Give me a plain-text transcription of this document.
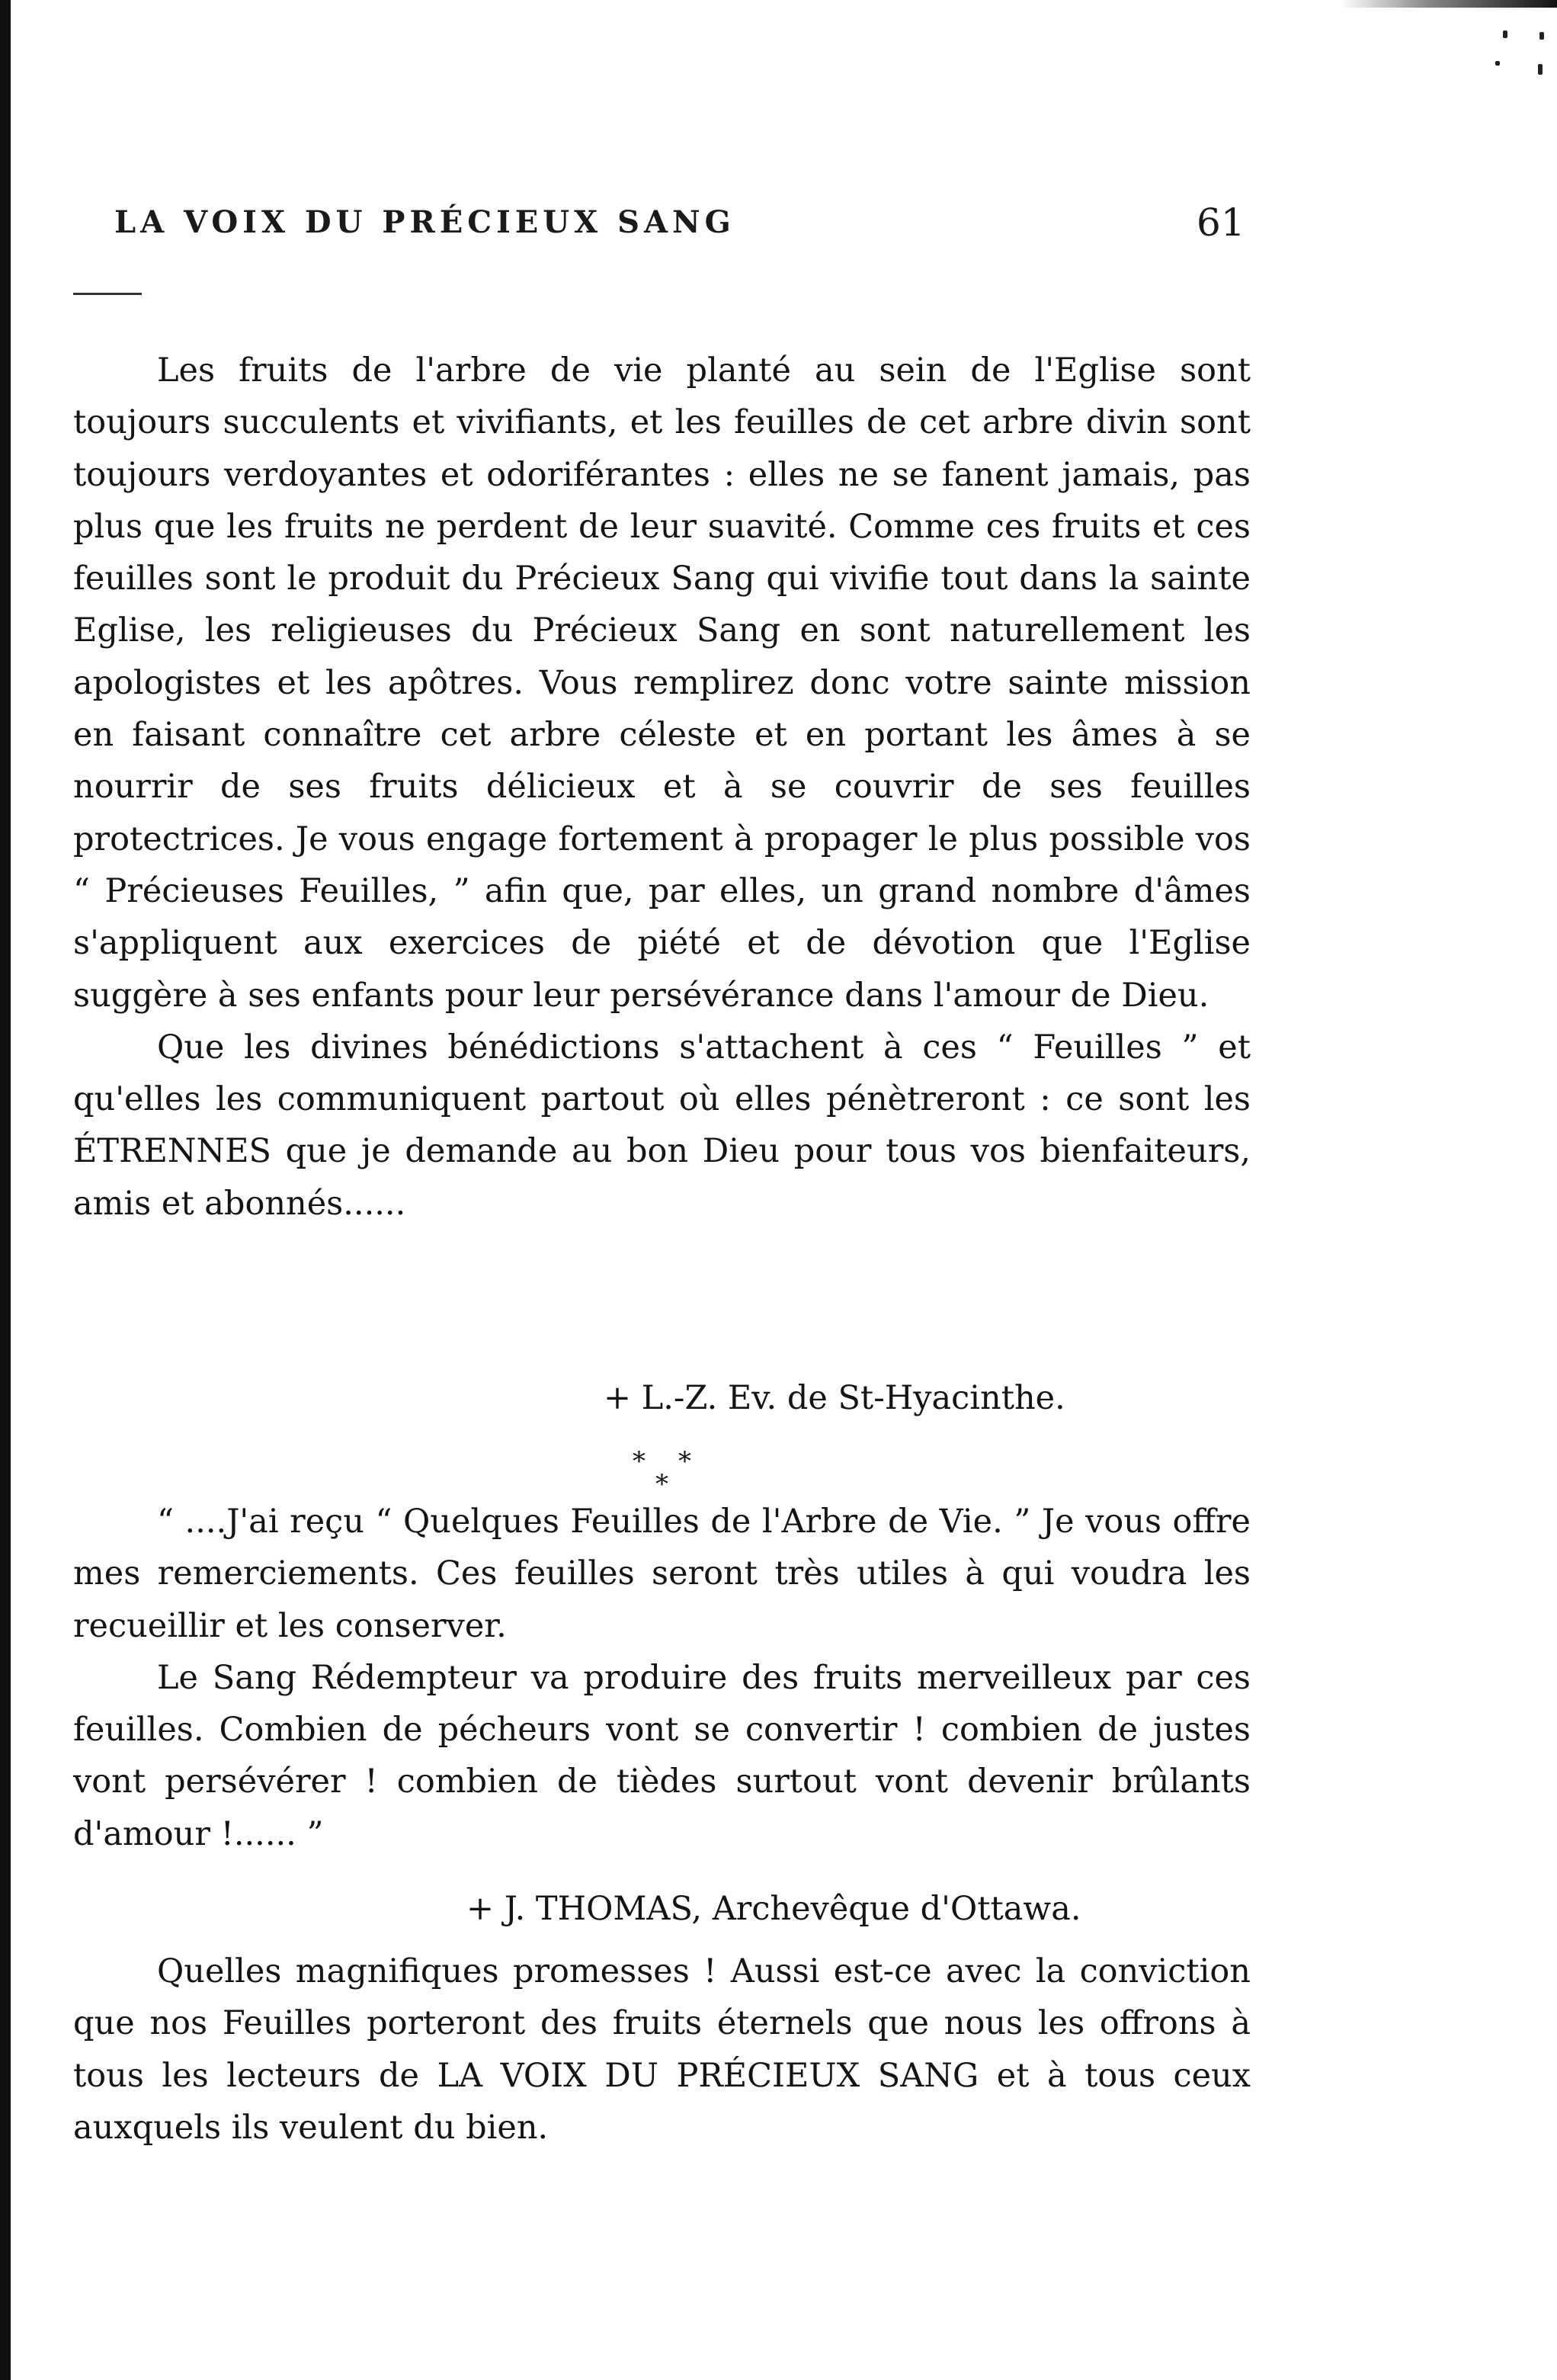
LA VOIX DU PRÉCIEUX SANG	61

Les fruits de l'arbre de vie planté au sein de l'Eglise sont toujours succulents et vivifiants, et les feuilles de cet arbre divin sont toujours verdoyantes et odoriférantes : elles ne se fanent jamais, pas plus que les fruits ne perdent de leur suavité. Comme ces fruits et ces feuilles sont le produit du Précieux Sang qui vivifie tout dans la sainte Eglise, les religieuses du Précieux Sang en sont naturellement les apologistes et les apôtres. Vous remplirez donc votre sainte mission en faisant connaître cet arbre céleste et en portant les âmes à se nourrir de ses fruits délicieux et à se couvrir de ses feuilles protectrices. Je vous engage fortement à propager le plus possible vos “ Précieuses Feuilles, ” afin que, par elles, un grand nombre d'âmes s'appliquent aux exercices de piété et de dévotion que l'Eglise suggère à ses enfants pour leur persévérance dans l'amour de Dieu.

Que les divines bénédictions s'attachent à ces “ Feuilles ” et qu'elles les communiquent partout où elles pénètreront : ce sont les ÉTRENNES que je demande au bon Dieu pour tous vos bienfaiteurs, amis et abonnés......

+ L.-Z. Ev. de St-Hyacinthe.
* *
*

“ ....J'ai reçu “ Quelques Feuilles de l'Arbre de Vie. ” Je vous offre mes remerciements. Ces feuilles seront très utiles à qui voudra les recueillir et les conserver.

Le Sang Rédempteur va produire des fruits merveilleux par ces feuilles. Combien de pécheurs vont se convertir ! combien de justes vont persévérer ! combien de tièdes surtout vont devenir brûlants d'amour !...... ”

+ J. THOMAS, Archevêque d'Ottawa.

Quelles magnifiques promesses ! Aussi est-ce avec la conviction que nos Feuilles porteront des fruits éternels que nous les offrons à tous les lecteurs de LA VOIX DU PRÉCIEUX SANG et à tous ceux auxquels ils veulent du bien.
